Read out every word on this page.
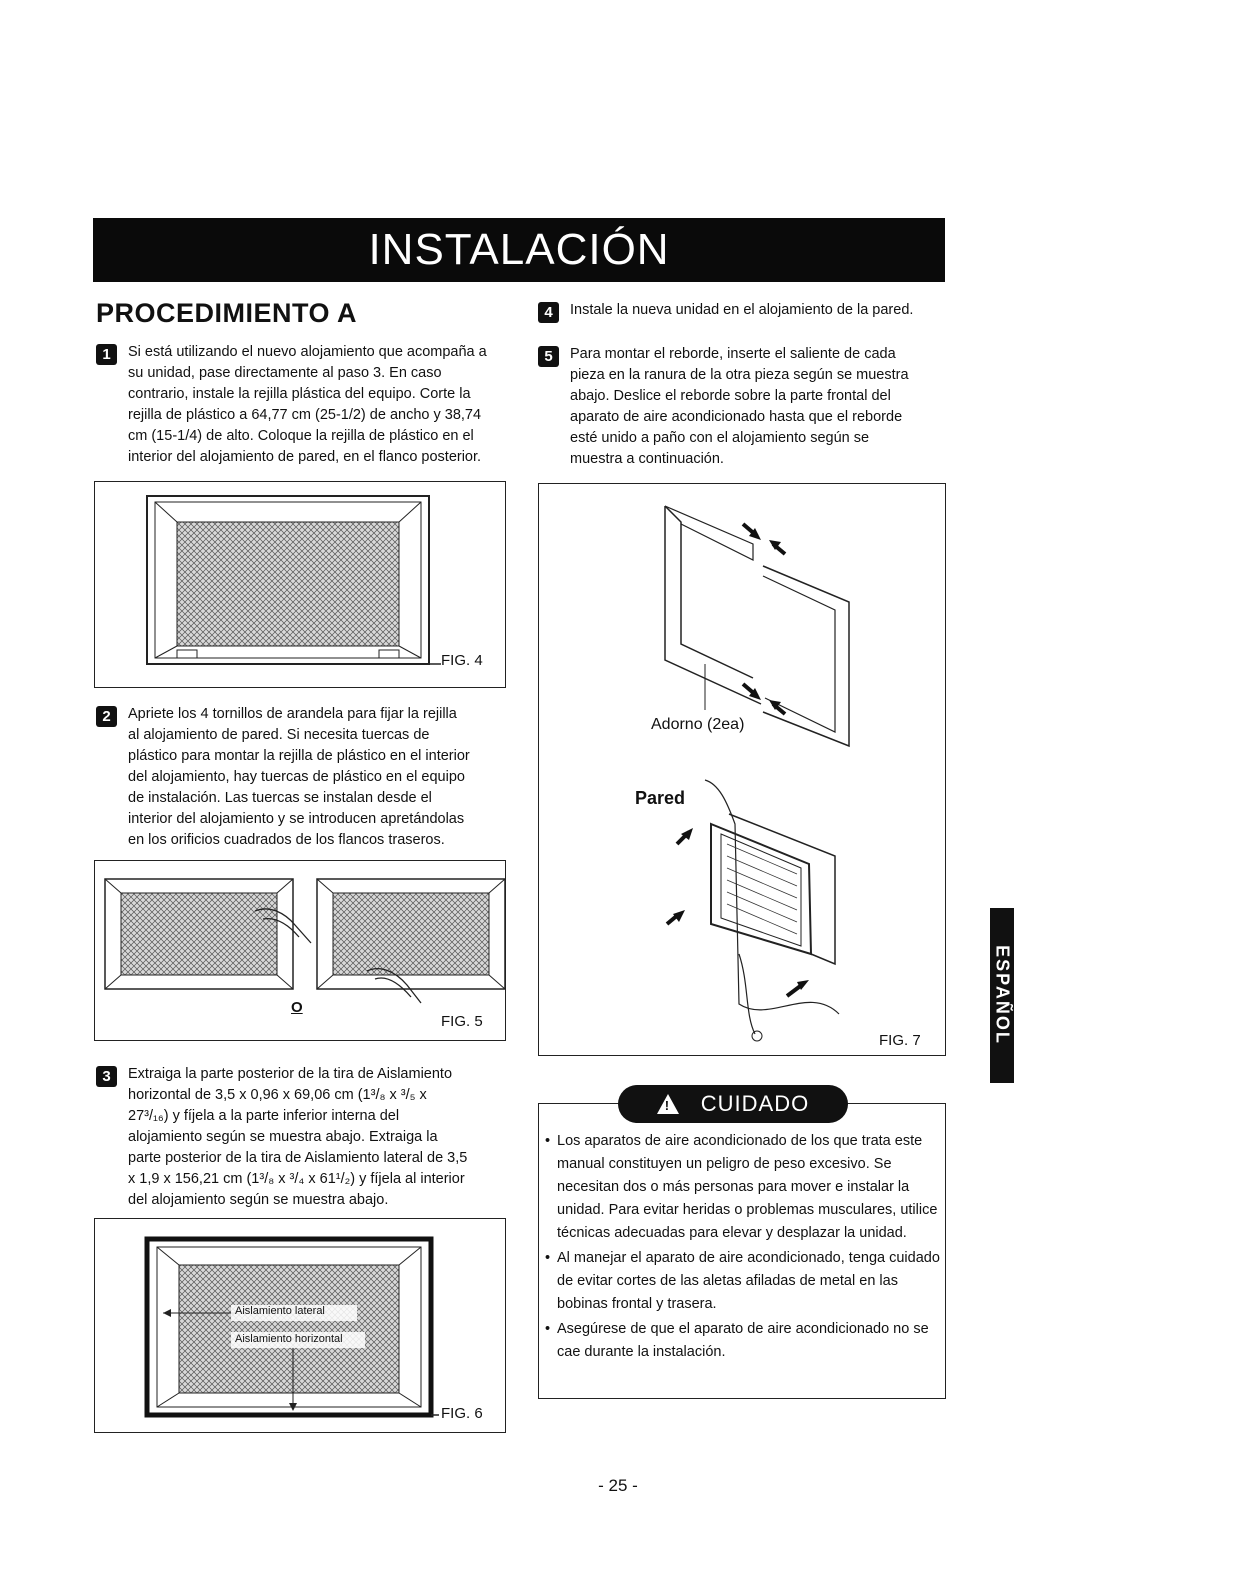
INSTALACIÓN
PROCEDIMIENTO A
1	Si está utilizando el nuevo alojamiento que acompaña a
su unidad, pase directamente al paso 3. En caso
contrario, instale la rejilla plástica del equipo. Corte la
rejilla de plástico a 64,77 cm (25-1/2) de ancho y 38,74
cm (15-1/4) de alto. Coloque la rejilla de plástico en el
interior del alojamiento de pared, en el flanco posterior.
FIG. 4
2	Apriete los 4 tornillos de arandela para fijar la rejilla
al alojamiento de pared. Si necesita tuercas de
plástico para montar la rejilla de plástico en el interior
del alojamiento, hay tuercas de plástico en el equipo
de instalación. Las tuercas se instalan desde el
interior del alojamiento y se introducen apretándolas
en los orificios cuadrados de los flancos traseros.
O
FIG. 5
3	Extraiga la parte posterior de la tira de Aislamiento
horizontal de 3,5 x 0,96 x 69,06 cm (1³/₈ x ³/₅ x
27³/₁₆) y fíjela a la parte inferior interna del
alojamiento según se muestra abajo. Extraiga la
parte posterior de la tira de Aislamiento lateral de 3,5
x 1,9 x 156,21 cm (1³/₈ x ³/₄ x 61¹/₂) y fíjela al interior
del alojamiento según se muestra abajo.
Aislamiento lateral
Aislamiento horizontal
FIG. 6
4	Instale la nueva unidad en el alojamiento de la pared.
5	Para montar el reborde, inserte el saliente de cada
pieza en la ranura de la otra pieza según se muestra
abajo. Deslice el reborde sobre la parte frontal del
aparato de aire acondicionado hasta que el reborde
esté unido a paño con el alojamiento según se
muestra a continuación.
Adorno (2ea)
Pared
FIG. 7
• Los aparatos de aire acondicionado de los que trata este manual constituyen un peligro de peso excesivo. Se necesitan dos o más personas para mover e instalar la unidad. Para evitar heridas o problemas musculares, utilice técnicas adecuadas para elevar y desplazar la unidad.
• Al manejar el aparato de aire acondicionado, tenga cuidado de evitar cortes de las aletas afiladas de metal en las bobinas frontal y trasera.
• Asegúrese de que el aparato de aire acondicionado no se cae durante la instalación.
! CUIDADO
ESPAÑOL
- 25 -
